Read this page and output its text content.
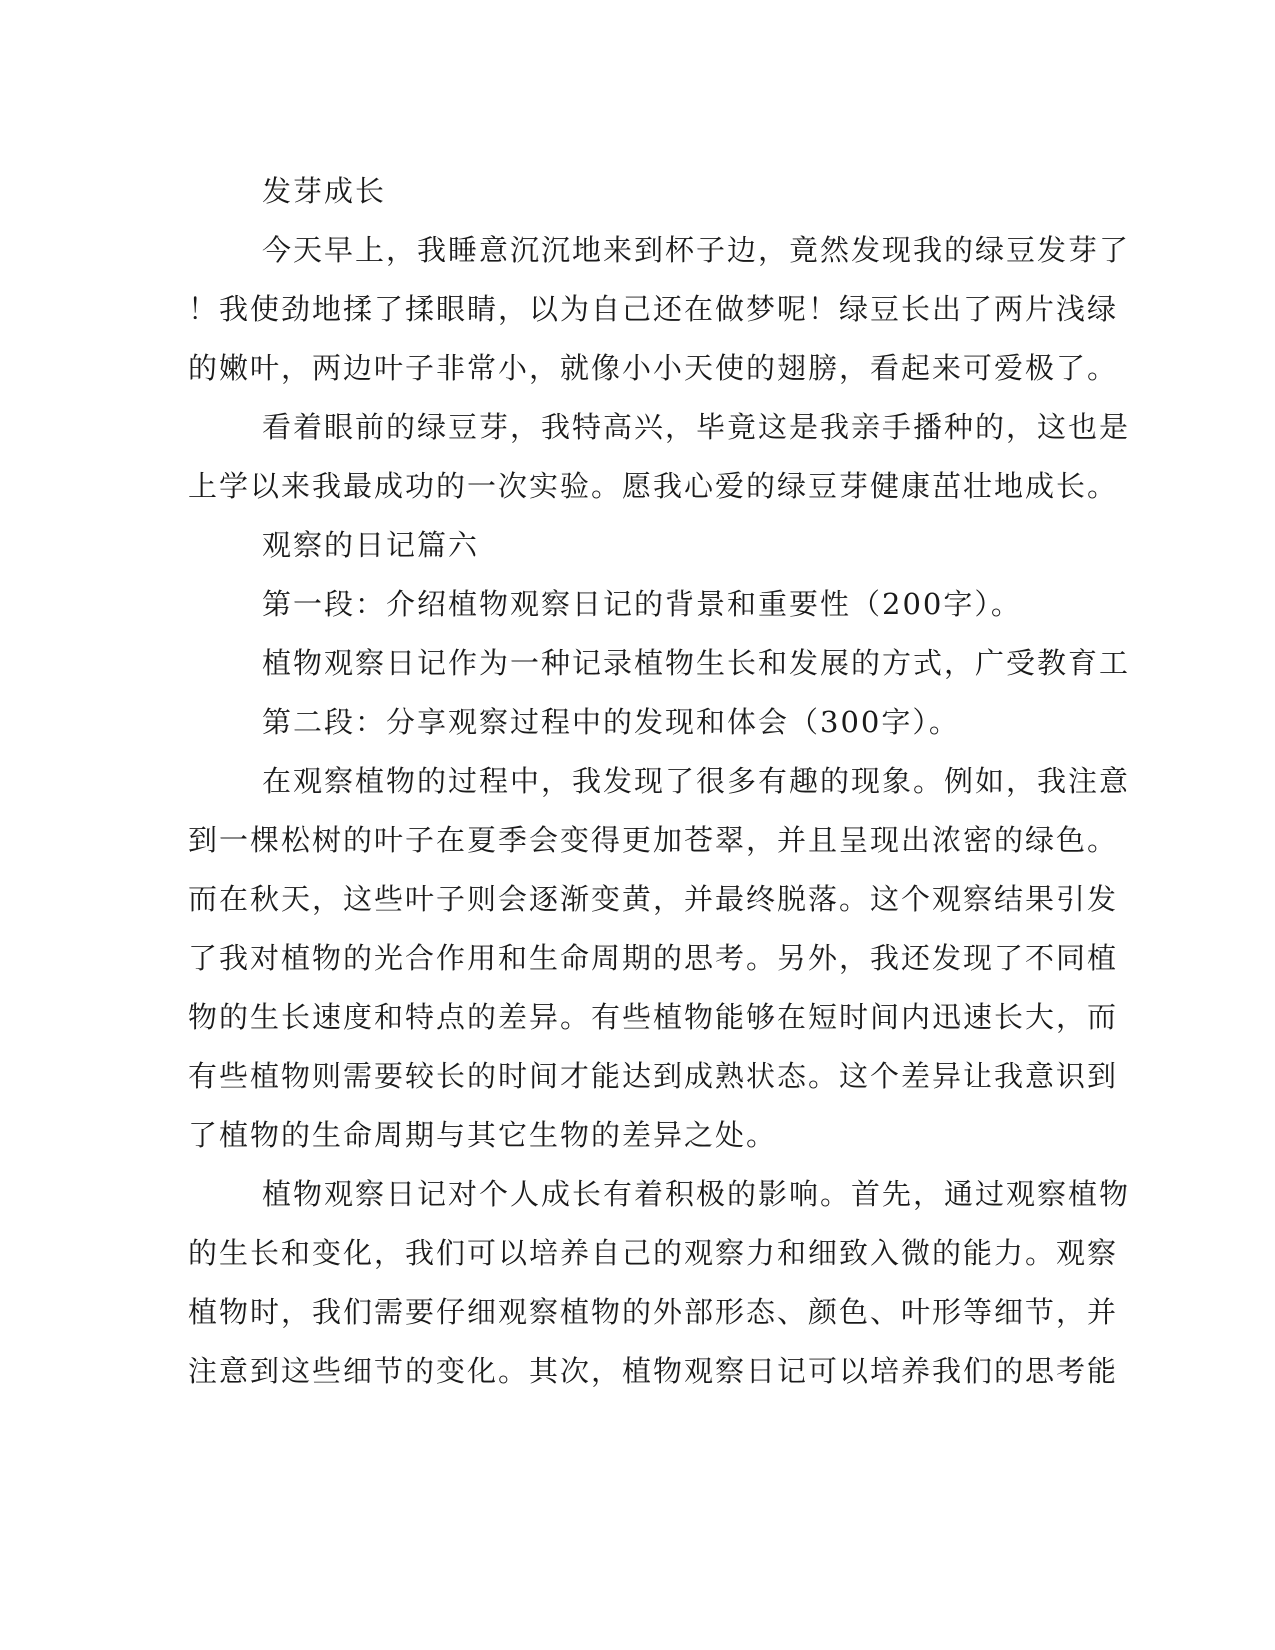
发芽成长
今天早上，我睡意沉沉地来到杯子边，竟然发现我的绿豆发芽了
！我使劲地揉了揉眼睛，以为自己还在做梦呢！绿豆长出了两片浅绿
的嫩叶，两边叶子非常小，就像小小天使的翅膀，看起来可爱极了。
看着眼前的绿豆芽，我特高兴，毕竟这是我亲手播种的，这也是
上学以来我最成功的一次实验。愿我心爱的绿豆芽健康茁壮地成长。
观察的日记篇六
第一段：介绍植物观察日记的背景和重要性（200字）。
植物观察日记作为一种记录植物生长和发展的方式，广受教育工
第二段：分享观察过程中的发现和体会（300字）。
在观察植物的过程中，我发现了很多有趣的现象。例如，我注意
到一棵松树的叶子在夏季会变得更加苍翠，并且呈现出浓密的绿色。
而在秋天，这些叶子则会逐渐变黄，并最终脱落。这个观察结果引发
了我对植物的光合作用和生命周期的思考。另外，我还发现了不同植
物的生长速度和特点的差异。有些植物能够在短时间内迅速长大，而
有些植物则需要较长的时间才能达到成熟状态。这个差异让我意识到
了植物的生命周期与其它生物的差异之处。
植物观察日记对个人成长有着积极的影响。首先，通过观察植物
的生长和变化，我们可以培养自己的观察力和细致入微的能力。观察
植物时，我们需要仔细观察植物的外部形态、颜色、叶形等细节，并
注意到这些细节的变化。其次，植物观察日记可以培养我们的思考能
